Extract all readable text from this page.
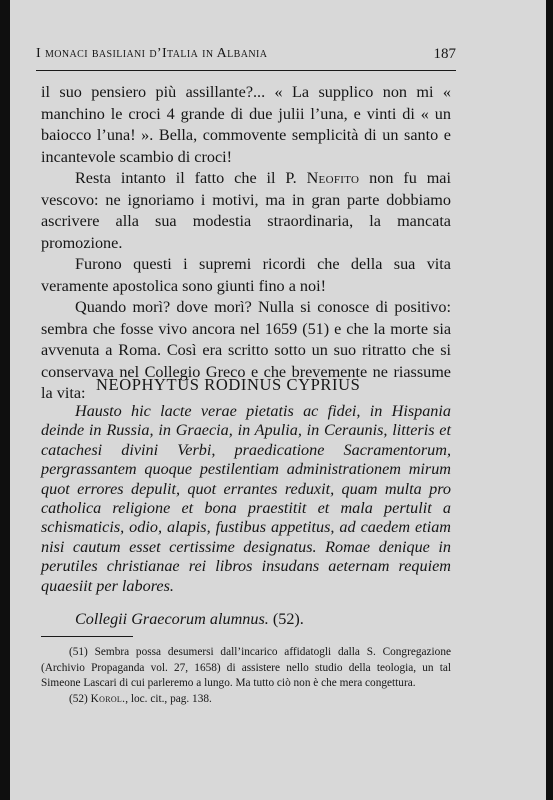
I monaci basiliani d’Italia in Albania	187

il suo pensiero più assillante?... « La supplico non mi « manchino le croci 4 grande di due julii l’una, e vinti di « un baiocco l’una! ». Bella, commovente semplicità di un santo e incantevole scambio di croci!

Resta intanto il fatto che il P. Neofito non fu mai vescovo: ne ignoriamo i motivi, ma in gran parte dobbiamo ascrivere alla sua modestia straordinaria, la mancata promozione.

Furono questi i supremi ricordi che della sua vita veramente apostolica sono giunti fino a noi!

Quando morì? dove morì? Nulla si conosce di positivo: sembra che fosse vivo ancora nel 1659 (51) e che la morte sia avvenuta a Roma. Così era scritto sotto un suo ritratto che si conservava nel Collegio Greco e che brevemente ne riassume la vita: NEOPHYTUS RODINUS CYPRIUS

Hausto hic lacte verae pietatis ac fidei, in Hispania deinde in Russia, in Graecia, in Apulia, in Ceraunis, litteris et catachesi divini Verbi, praedicatione Sacramentorum, pergrassantem quoque pestilentiam administrationem mirum quot errores depulit, quot errantes reduxit, quam multa pro catholica religione et bona praestitit et mala pertulit a schismaticis, odio, alapis, fustibus appetitus, ad caedem etiam nisi cautum esset certissime designatus. Romae denique in perutiles christianae rei libros insudans aeternam requiem quaesiit per labores.

Collegii Graecorum alumnus. (52).

(51) Sembra possa desumersi dall’incarico affidatogli dalla S. Congregazione (Archivio Propaganda vol. 27, 1658) di assistere nello studio della teologia, un tal Simeone Lascari di cui parleremo a lungo. Ma tutto ciò non è che mera congettura.

(52) Korol., loc. cit., pag. 138.
